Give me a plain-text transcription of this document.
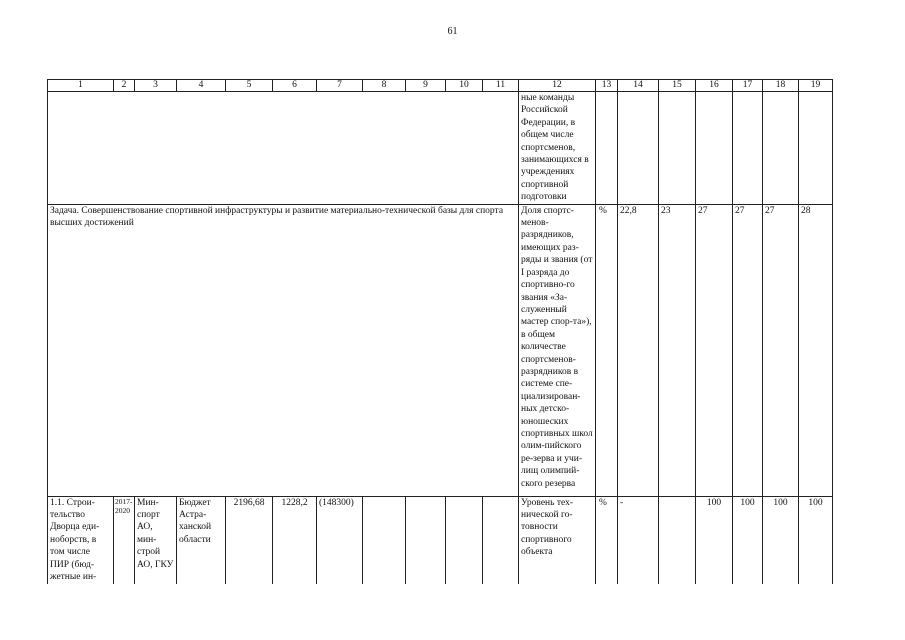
61
1	2	3	4	5	6	7	8	9	10	11	12	13	14	15	16	17	18	19
											ные команды Российской Федерации, в общем числе спортсменов, занимающихся в учреждениях спортивной подготовки							
Задача. Совершенствование спортивной инфраструктуры и развитие материально-технической базы для спорта высших достижений											Доля спортс-менов-разрядников, имеющих раз-ряды и звания (от I разряда до спортивно-го звания «За-служенный мастер спор-та»), в общем количестве спортсменов-разрядников в системе спе-циализирован-ных детско-юношеских спортивных школ олим-пийского ре-зерва и учи-лищ олимпий-ского резерва	%	22,8	23	27	27	27	28
1.1. Строи-тельство Дворца еди-ноборств, в том числе ПИР (бюд-жетные ин-	2017-2020	Мин-спорт АО, мин-строй АО, ГКУ	Бюджет Астра-ханской области	2196,68	1228,2	(148300)					Уровень тех-нической го-товности спортивного объекта	%	-		100	100	100	100
